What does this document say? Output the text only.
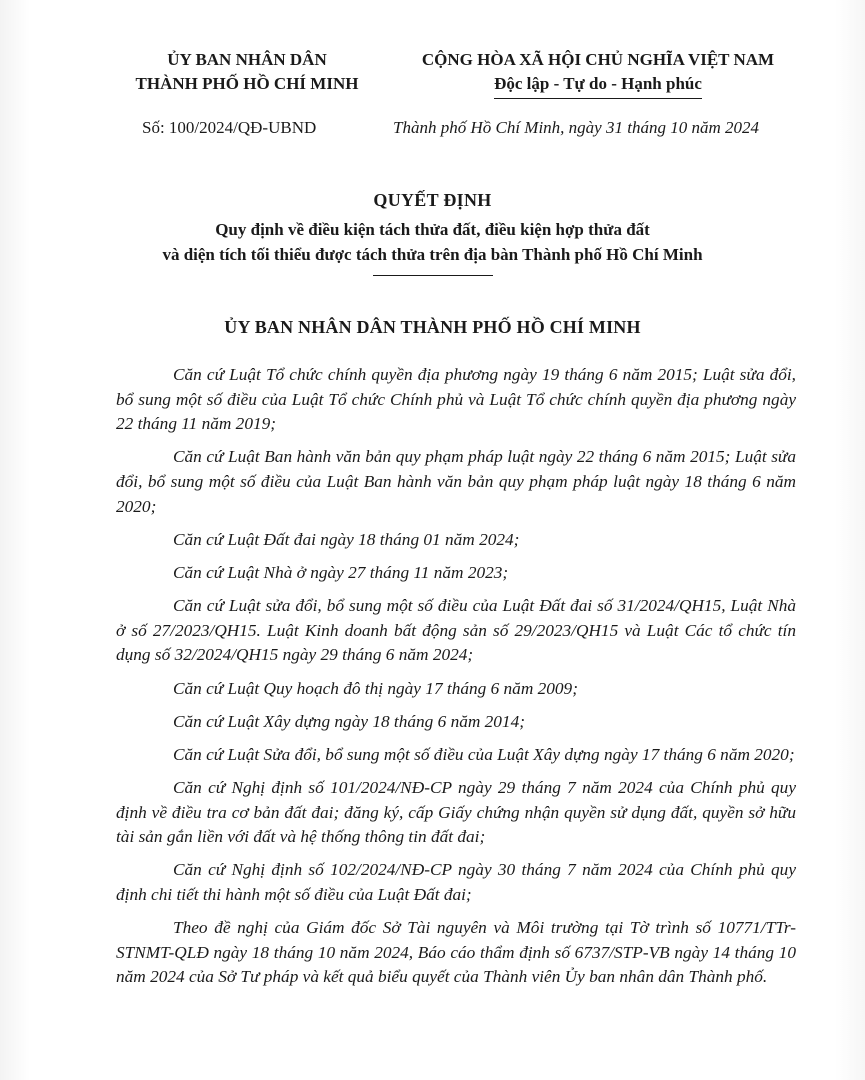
ỦY BAN NHÂN DÂN
THÀNH PHỐ HỒ CHÍ MINH
CỘNG HÒA XÃ HỘI CHỦ NGHĨA VIỆT NAM
Độc lập - Tự do - Hạnh phúc
Số: 100/2024/QĐ-UBND	Thành phố Hồ Chí Minh, ngày 31 tháng 10 năm 2024
QUYẾT ĐỊNH
Quy định về điều kiện tách thửa đất, điều kiện hợp thửa đất
và diện tích tối thiểu được tách thửa trên địa bàn Thành phố Hồ Chí Minh
ỦY BAN NHÂN DÂN THÀNH PHỐ HỒ CHÍ MINH

Căn cứ Luật Tổ chức chính quyền địa phương ngày 19 tháng 6 năm 2015; Luật sửa đổi, bổ sung một số điều của Luật Tổ chức Chính phủ và Luật Tổ chức chính quyền địa phương ngày 22 tháng 11 năm 2019;

Căn cứ Luật Ban hành văn bản quy phạm pháp luật ngày 22 tháng 6 năm 2015; Luật sửa đổi, bổ sung một số điều của Luật Ban hành văn bản quy phạm pháp luật ngày 18 tháng 6 năm 2020;

Căn cứ Luật Đất đai ngày 18 tháng 01 năm 2024;

Căn cứ Luật Nhà ở ngày 27 tháng 11 năm 2023;

Căn cứ Luật sửa đổi, bổ sung một số điều của Luật Đất đai số 31/2024/QH15, Luật Nhà ở số 27/2023/QH15. Luật Kinh doanh bất động sản số 29/2023/QH15 và Luật Các tổ chức tín dụng số 32/2024/QH15 ngày 29 tháng 6 năm 2024;

Căn cứ Luật Quy hoạch đô thị ngày 17 tháng 6 năm 2009;

Căn cứ Luật Xây dựng ngày 18 tháng 6 năm 2014;

Căn cứ Luật Sửa đổi, bổ sung một số điều của Luật Xây dựng ngày 17 tháng 6 năm 2020;

Căn cứ Nghị định số 101/2024/NĐ-CP ngày 29 tháng 7 năm 2024 của Chính phủ quy định về điều tra cơ bản đất đai; đăng ký, cấp Giấy chứng nhận quyền sử dụng đất, quyền sở hữu tài sản gắn liền với đất và hệ thống thông tin đất đai;

Căn cứ Nghị định số 102/2024/NĐ-CP ngày 30 tháng 7 năm 2024 của Chính phủ quy định chi tiết thi hành một số điều của Luật Đất đai;

Theo đề nghị của Giám đốc Sở Tài nguyên và Môi trường tại Tờ trình số 10771/TTr-STNMT-QLĐ ngày 18 tháng 10 năm 2024, Báo cáo thẩm định số 6737/STP-VB ngày 14 tháng 10 năm 2024 của Sở Tư pháp và kết quả biểu quyết của Thành viên Ủy ban nhân dân Thành phố.
